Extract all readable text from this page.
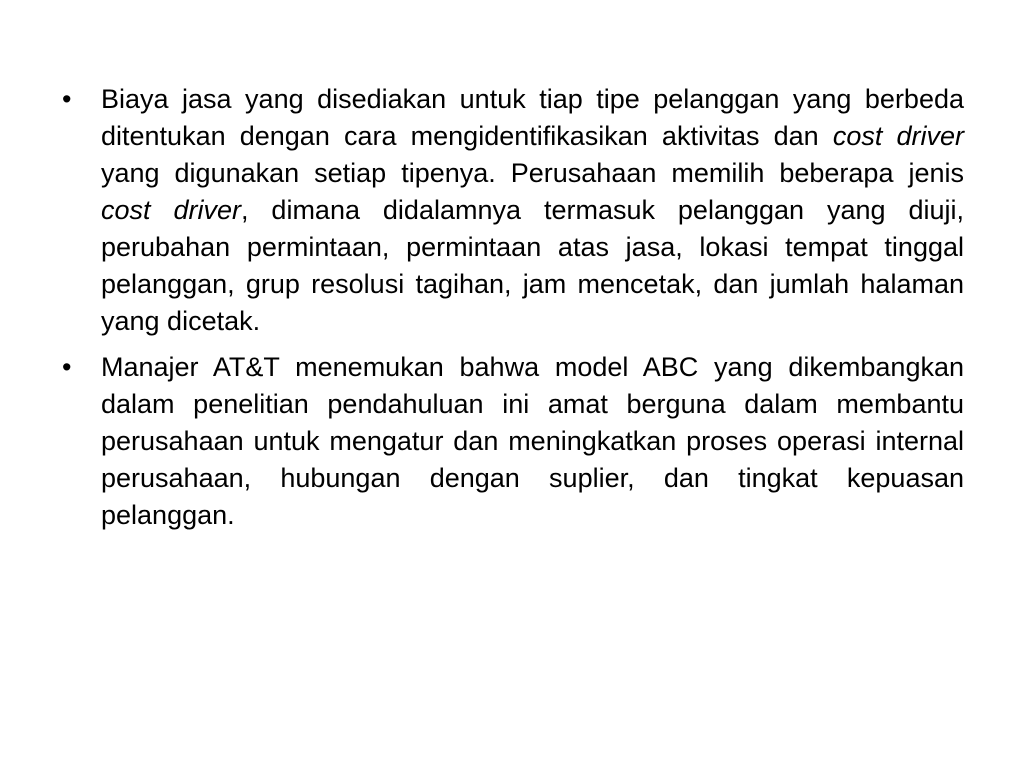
•	Biaya jasa yang disediakan untuk tiap tipe pelanggan yang berbeda ditentukan dengan cara mengidentifikasikan aktivitas dan cost driver yang digunakan setiap tipenya. Perusahaan memilih beberapa jenis cost driver, dimana didalamnya termasuk pelanggan yang diuji, perubahan permintaan, permintaan atas jasa, lokasi tempat tinggal pelanggan, grup resolusi tagihan, jam mencetak, dan jumlah halaman yang dicetak.
•	Manajer AT&T menemukan bahwa model ABC yang dikembangkan dalam penelitian pendahuluan ini amat berguna dalam membantu perusahaan untuk mengatur dan meningkatkan proses operasi internal perusahaan, hubungan dengan suplier, dan tingkat kepuasan pelanggan.
